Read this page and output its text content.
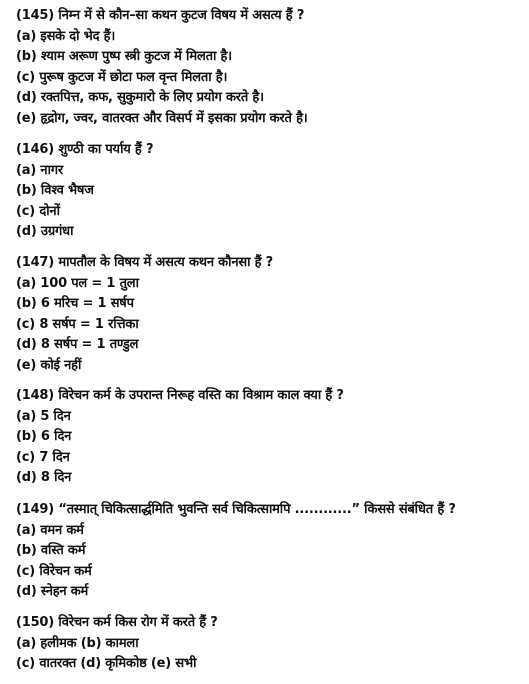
(145) निम्न में से कौन–सा कथन कुटज विषय में असत्य हैं ?
(a) इसके दो भेद हैं।
(b) श्याम अरूण पुष्प स्त्री कुटज में मिलता है।
(c) पुरूष कुटज में छोटा फल वृन्त मिलता है।
(d) रक्तपित्त, कफ, सुकुमारो के लिए प्रयोग करते है।
(e) हृद्रोग, ज्वर, वातरक्त और विसर्प में इसका प्रयोग करते है।
(146) शुण्ठी का पर्याय हैं ?
(a) नागर
(b) विश्व भैषज
(c) दोनों
(d) उग्रगंधा
(147) मापतौल के विषय में असत्य कथन कौनसा हैं ?
(a) 100 पल = 1 तुला
(b) 6 मरिच = 1 सर्षप
(c) 8 सर्षप = 1 रत्तिका
(d) 8 सर्षप = 1 तण्डुल
(e) कोई नहीं
(148) विरेचन कर्म के उपरान्त निरूह वस्ति का विश्राम काल क्या हैं ?
(a) 5 दिन
(b) 6 दिन
(c) 7 दिन
(d) 8 दिन
(149) “तस्मात् चिकित्सार्द्धमिति भुवन्ति सर्व चिकित्सामपि ............” किससे संबंधित हैं ?
(a) वमन कर्म
(b) वस्ति कर्म
(c) विरेचन कर्म
(d) स्नेहन कर्म
(150) विरेचन कर्म किस रोग में करते हैं ?
(a) हलीमक (b) कामला
(c) वातरक्त (d) कृमिकोष्ठ (e) सभी
